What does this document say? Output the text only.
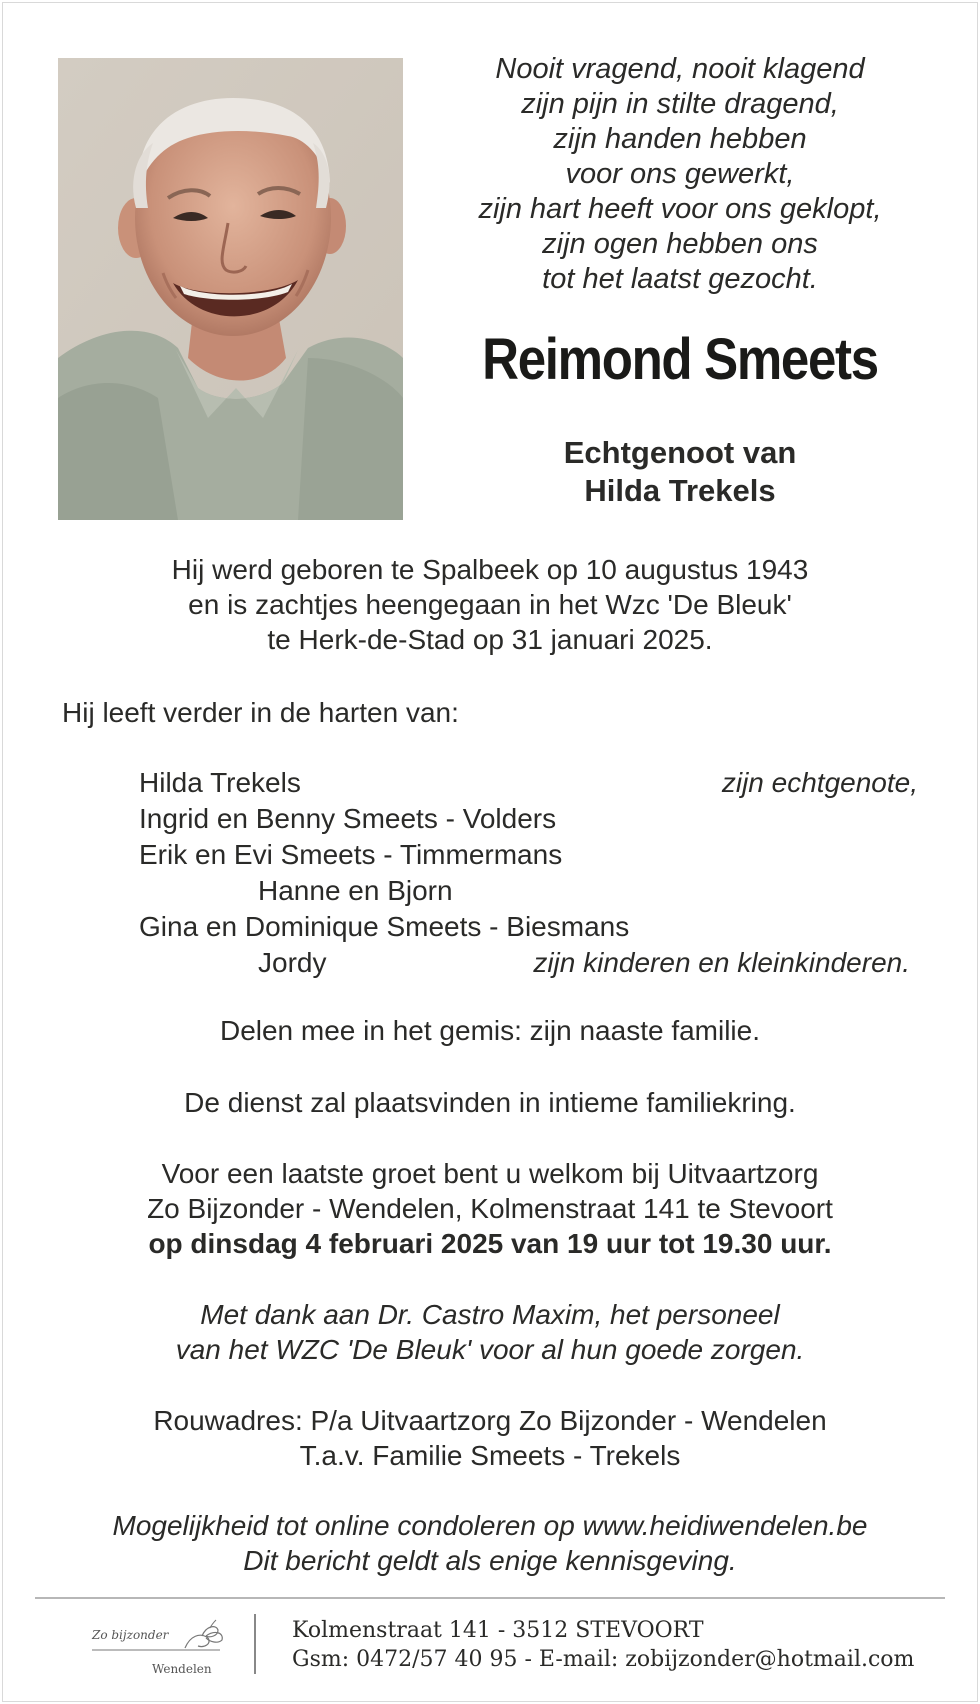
Nooit vragend, nooit klagend
zijn pijn in stilte dragend,
zijn handen hebben
voor ons gewerkt,
zijn hart heeft voor ons geklopt,
zijn ogen hebben ons
tot het laatst gezocht.
Reimond Smeets
Echtgenoot van
Hilda Trekels
Hij werd geboren te Spalbeek op 10 augustus 1943
en is zachtjes heengegaan in het Wzc 'De Bleuk'
te Herk-de-Stad op 31 januari 2025.
Hij leeft verder in de harten van:
Hilda Trekels	zijn echtgenote,
Ingrid en Benny Smeets - Volders
Erik en Evi Smeets - Timmermans
Hanne en Bjorn
Gina en Dominique Smeets - Biesmans
Jordy	zijn kinderen en kleinkinderen.
Delen mee in het gemis: zijn naaste familie.
De dienst zal plaatsvinden in intieme familiekring.
Voor een laatste groet bent u welkom bij Uitvaartzorg
Zo Bijzonder - Wendelen, Kolmenstraat 141 te Stevoort
op dinsdag 4 februari 2025 van 19 uur tot 19.30 uur.
Met dank aan Dr. Castro Maxim, het personeel
van het WZC 'De Bleuk' voor al hun goede zorgen.
Rouwadres: P/a Uitvaartzorg Zo Bijzonder - Wendelen
T.a.v. Familie Smeets - Trekels
Mogelijkheid tot online condoleren op www.heidiwendelen.be
Dit bericht geldt als enige kennisgeving.
Zo bijzonder
Wendelen
Kolmenstraat 141 - 3512 STEVOORT
Gsm: 0472/57 40 95 - E-mail: zobijzonder@hotmail.com
